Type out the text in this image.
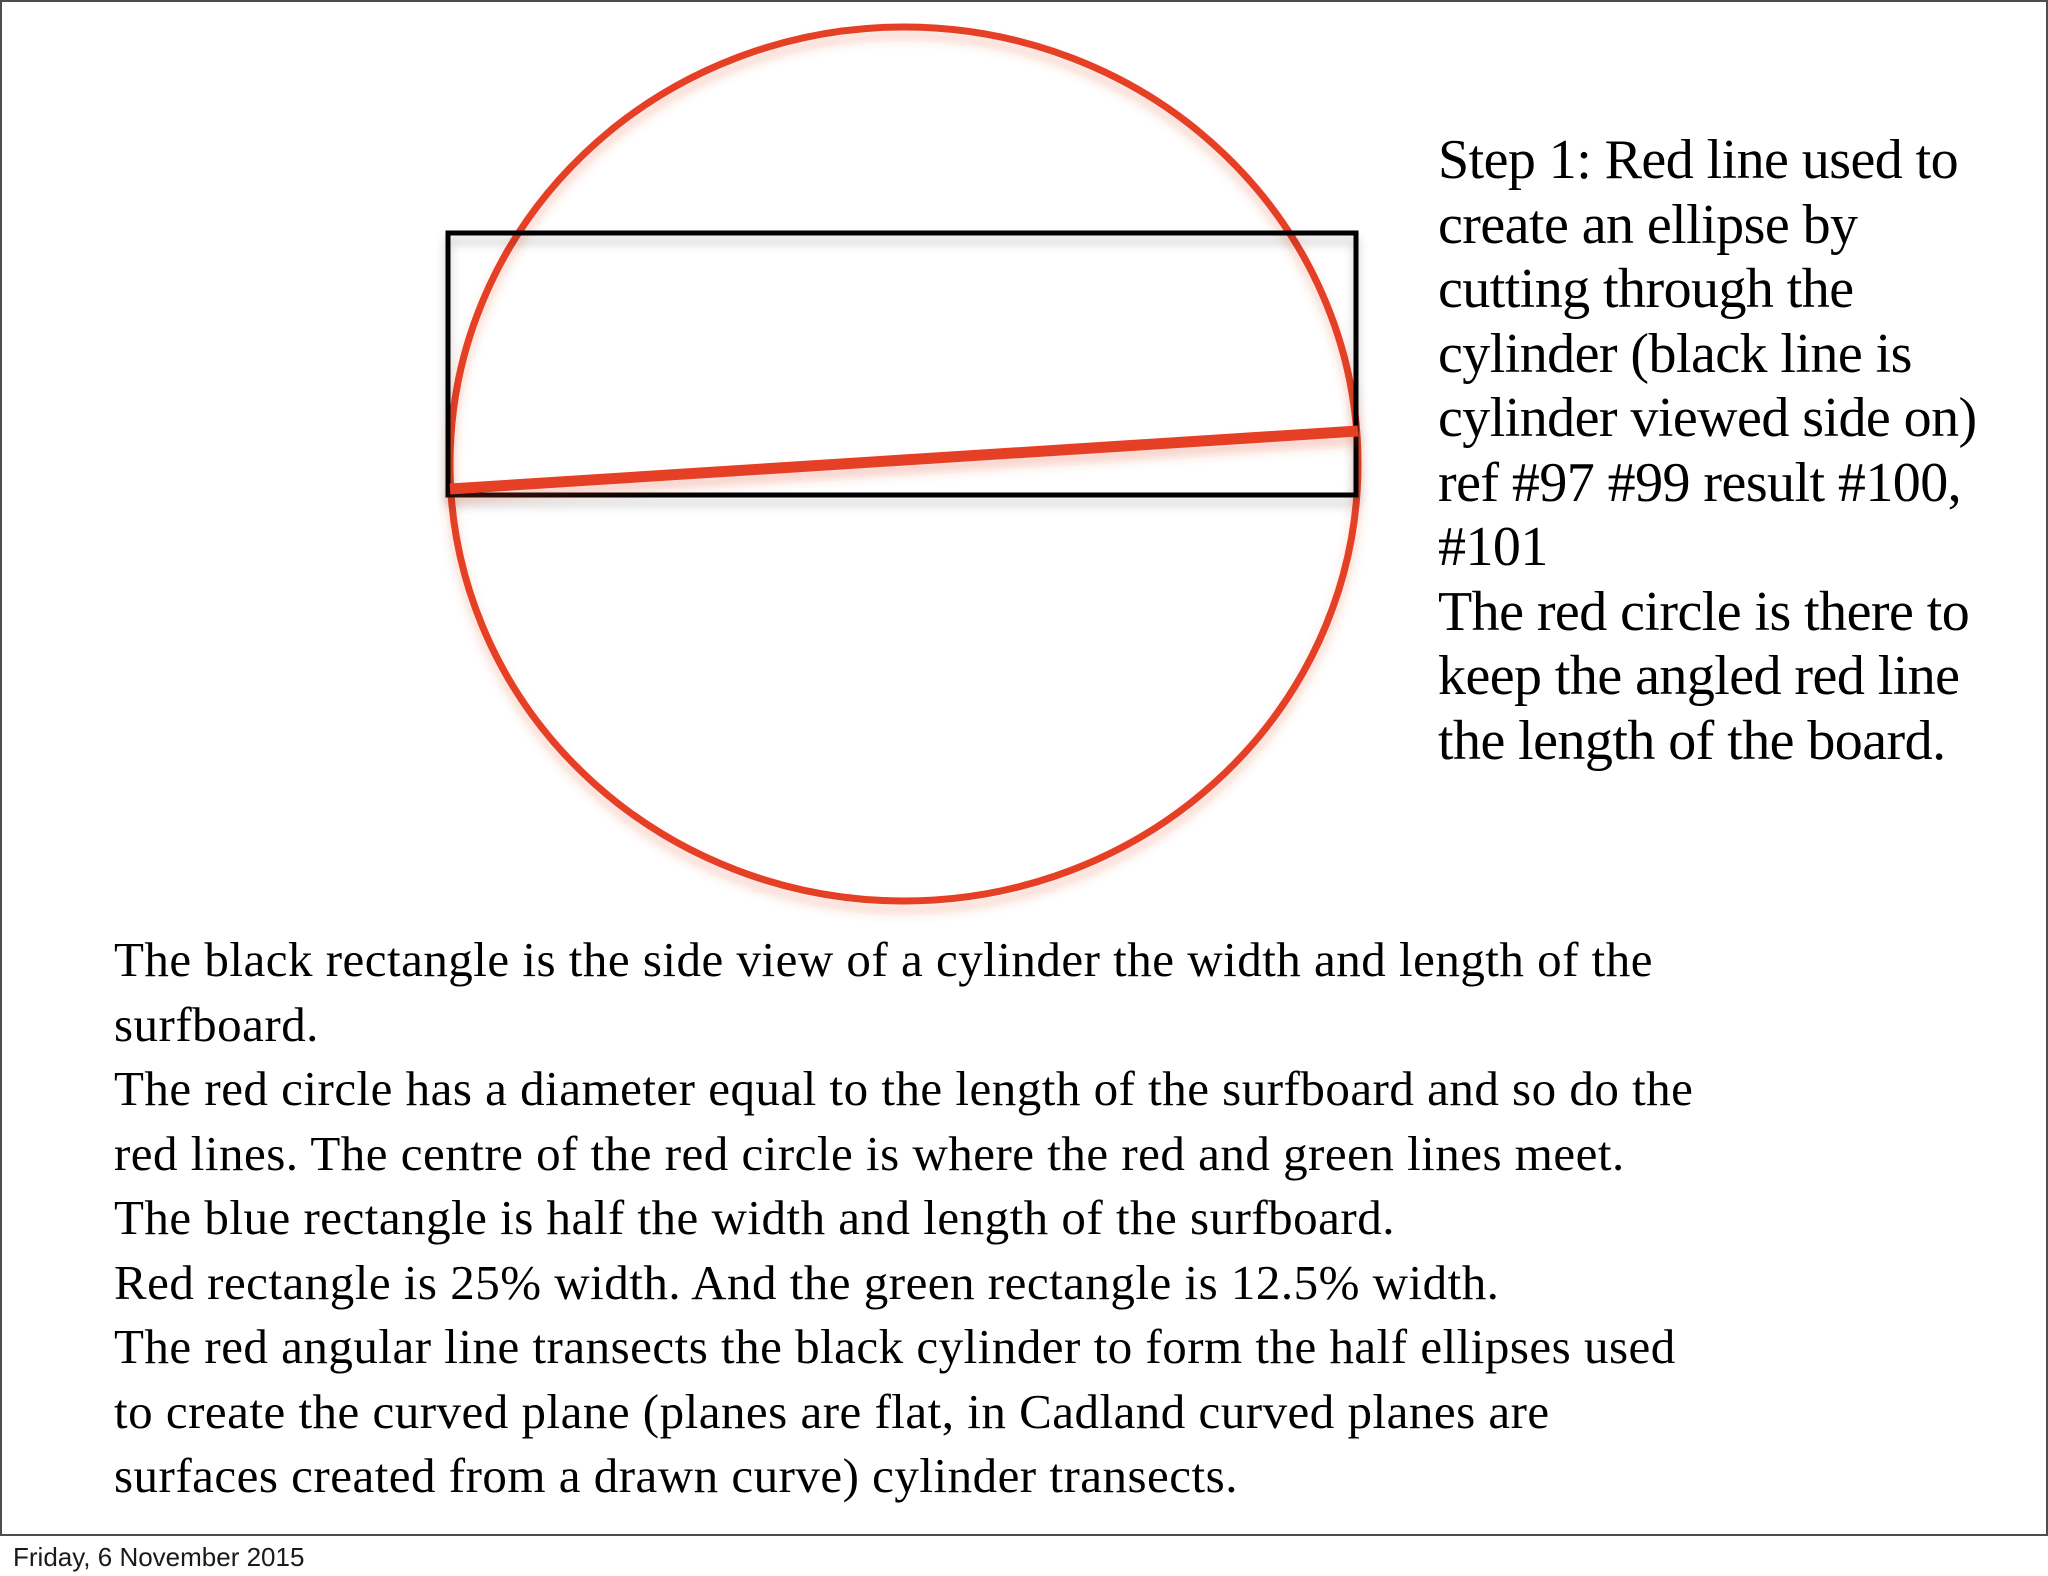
Step 1: Red line used to
create an ellipse by
cutting through the
cylinder (black line is
cylinder viewed side on)
ref #97 #99 result #100,
#101
The red circle is there to
keep the angled red line
the length of the board.
The black rectangle is the side view of a cylinder the width and length of the
surfboard.
The red circle has a diameter equal to the length of the surfboard and so do the
red lines. The centre of the red circle is where the red and green lines meet.
The blue rectangle is half the width and length of the surfboard.
Red rectangle is 25% width. And the green rectangle is 12.5% width.
The red angular line transects the black cylinder to form the half ellipses used
to create the curved plane (planes are flat, in Cadland curved planes are
surfaces created from a drawn curve) cylinder transects.
Friday, 6 November 2015
